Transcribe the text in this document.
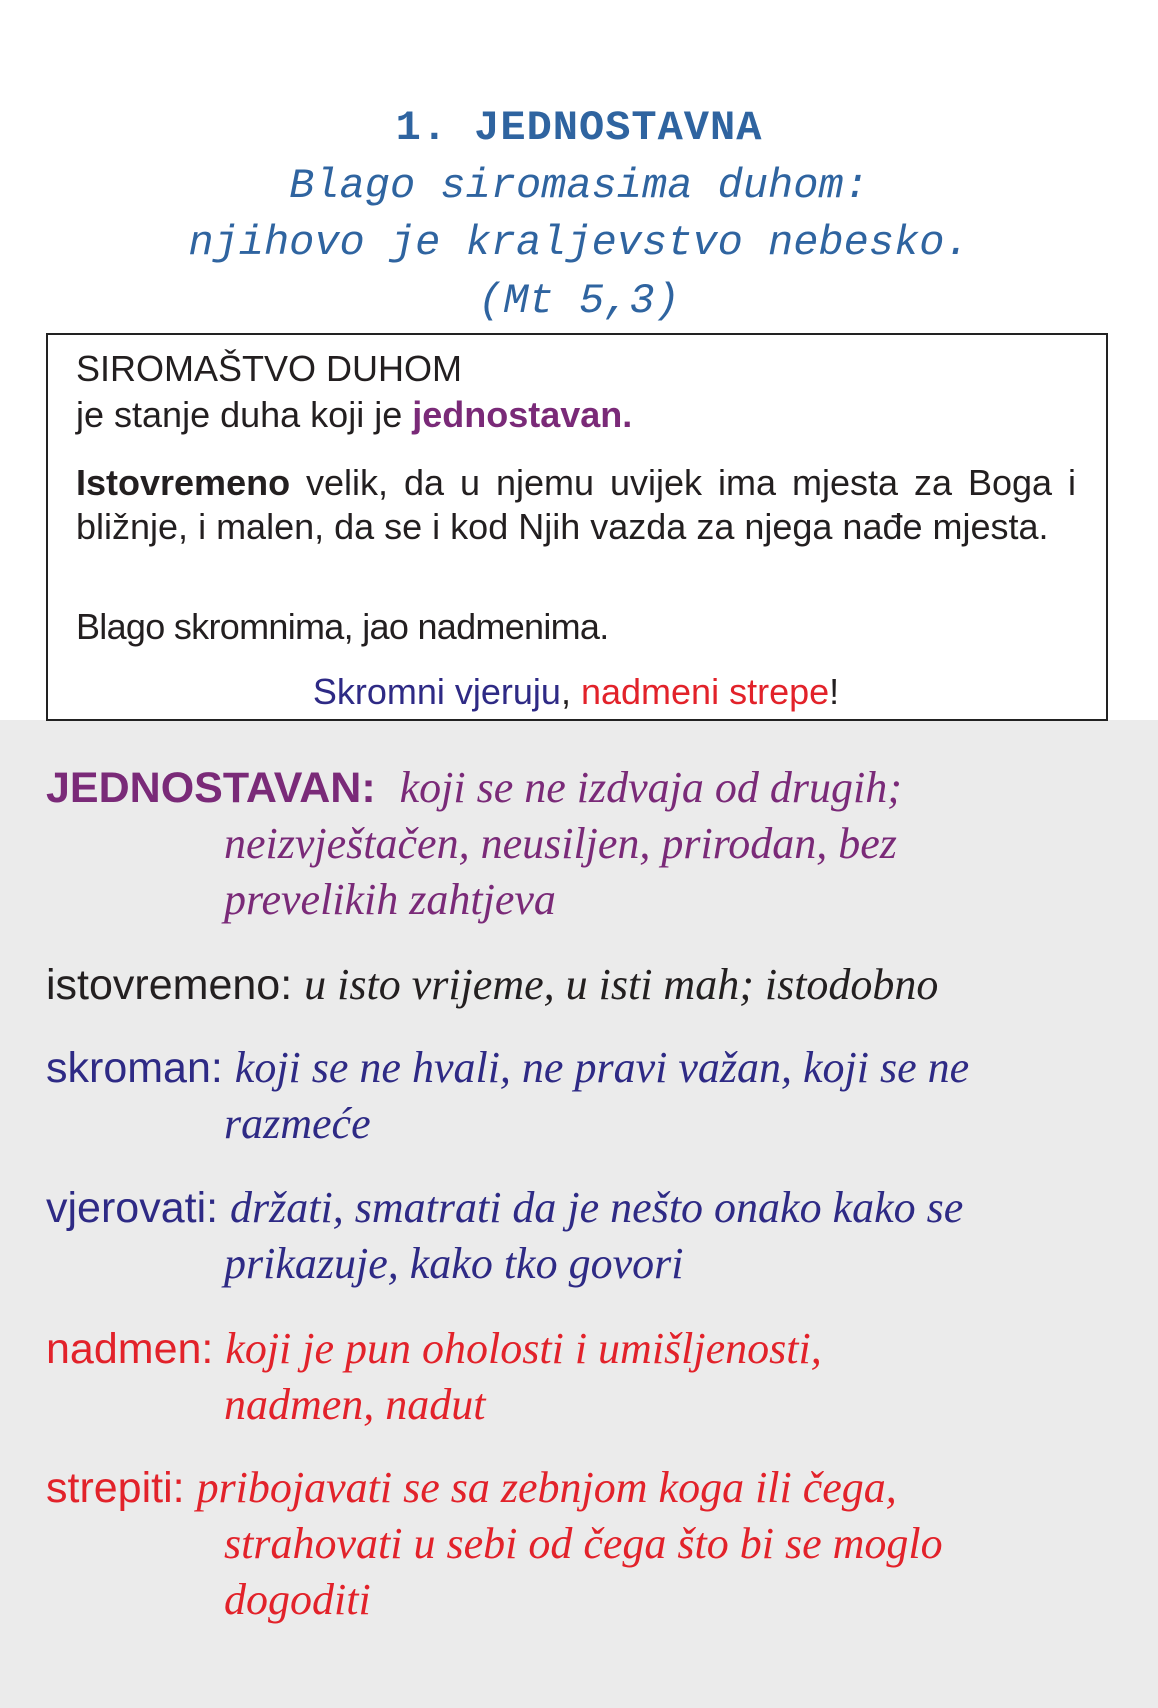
1. JEDNOSTAVNA
Blago siromasima duhom:
njihovo je kraljevstvo nebesko.
(Mt 5,3)

SIROMAŠTVO DUHOM

je stanje duha koji je jednostavan.

Istovremeno velik, da u njemu uvijek ima mjesta za Boga i bližnje, i malen, da se i kod Njih vazda za njega nađe mjesta.

Blago skromnima, jao nadmenima.

Skromni vjeruju, nadmeni strepe!

JEDNOSTAVAN: koji se ne izdvaja od drugih;
neizvještačen, neusiljen, prirodan, bez
prevelikih zahtjeva
istovremeno: u isto vrijeme, u isti mah; istodobno
skroman: koji se ne hvali, ne pravi važan, koji se ne
razmeće
vjerovati: držati, smatrati da je nešto onako kako se
prikazuje, kako tko govori
nadmen: koji je pun oholosti i umišljenosti,
nadmen, nadut
strepiti: pribojavati se sa zebnjom koga ili čega,
strahovati u sebi od čega što bi se moglo
dogoditi
